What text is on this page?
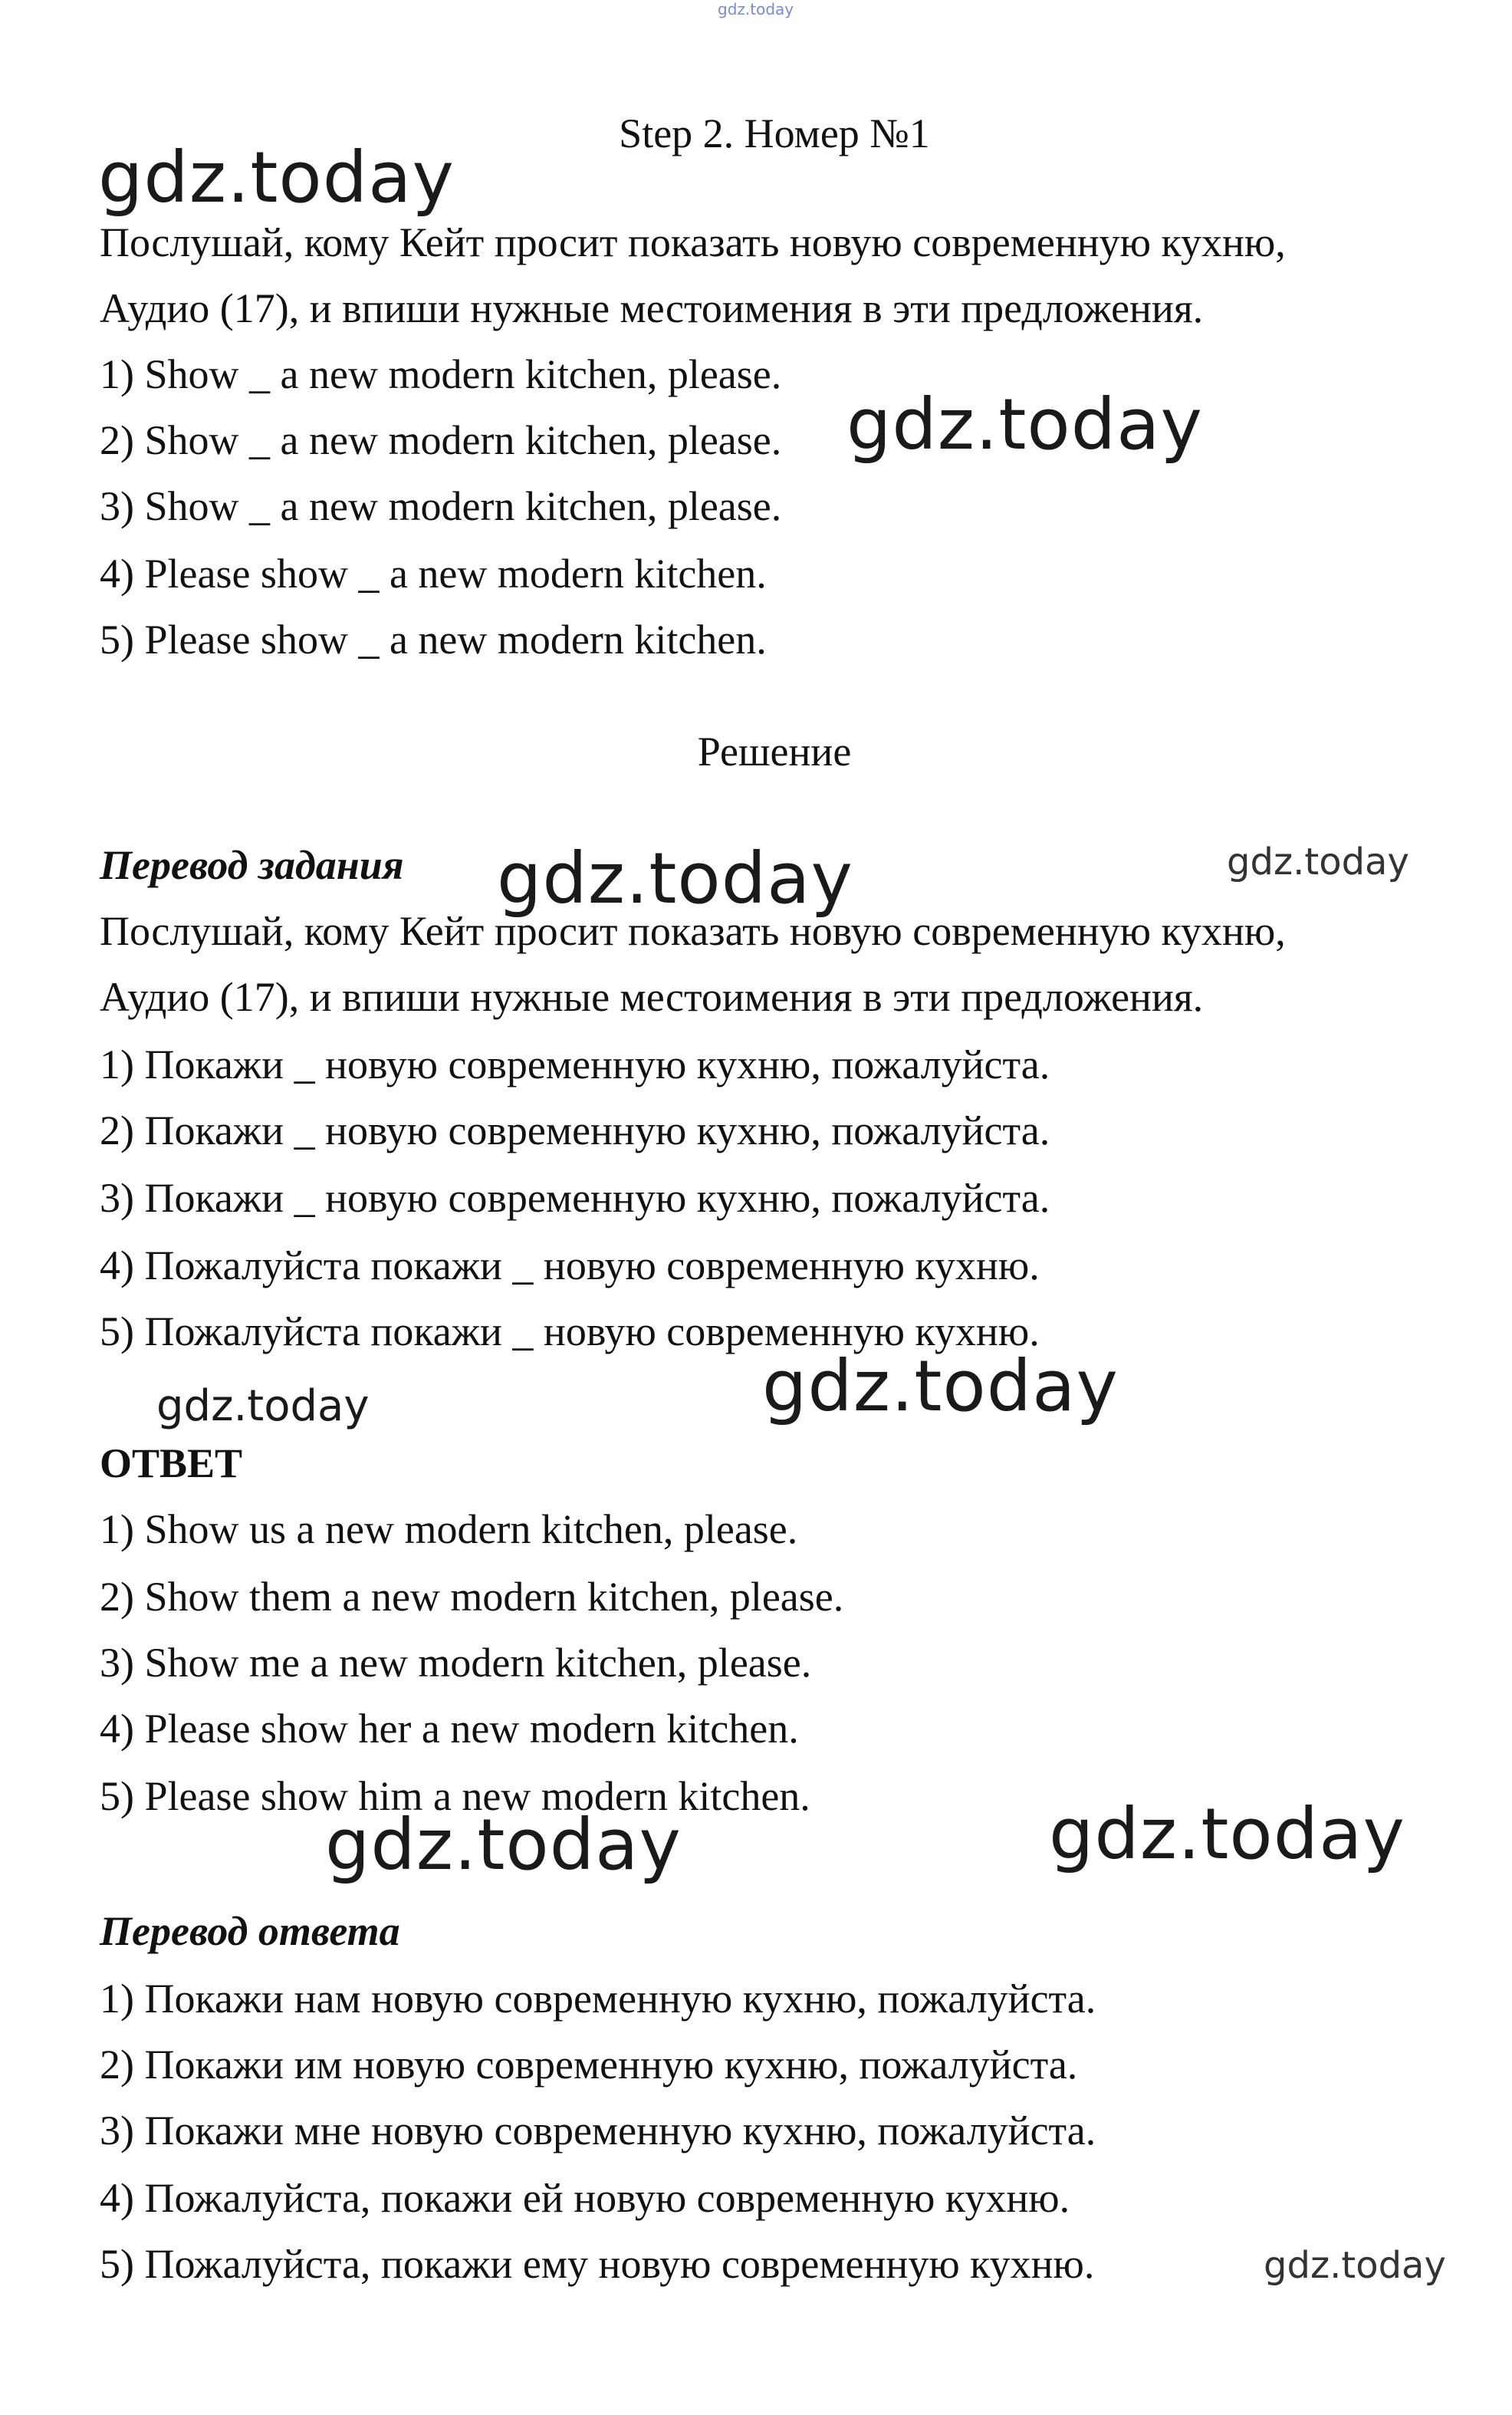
gdz.today
Step 2. Номер №1
Послушай, кому Кейт просит показать новую современную кухню,
Аудио (17), и впиши нужные местоимения в эти предложения.
1) Show _ a new modern kitchen, please.
2) Show _ a new modern kitchen, please.
3) Show _ a new modern kitchen, please.
4) Please show _ a new modern kitchen.
5) Please show _ a new modern kitchen.
Решение
Перевод задания
Послушай, кому Кейт просит показать новую современную кухню,
Аудио (17), и впиши нужные местоимения в эти предложения.
1) Покажи _ новую современную кухню, пожалуйста.
2) Покажи _ новую современную кухню, пожалуйста.
3) Покажи _ новую современную кухню, пожалуйста.
4) Пожалуйста покажи _ новую современную кухню.
5) Пожалуйста покажи _ новую современную кухню.
ОТВЕТ
1) Show us a new modern kitchen, please.
2) Show them a new modern kitchen, please.
3) Show me a new modern kitchen, please.
4) Please show her a new modern kitchen.
5) Please show him a new modern kitchen.
Перевод ответа
1) Покажи нам новую современную кухню, пожалуйста.
2) Покажи им новую современную кухню, пожалуйста.
3) Покажи мне новую современную кухню, пожалуйста.
4) Пожалуйста, покажи ей новую современную кухню.
5) Пожалуйста, покажи ему новую современную кухню.
gdz.today
gdz.today
gdz.today	gdz.today
gdz.today	gdz.today
gdz.today	gdz.today
gdz.today
